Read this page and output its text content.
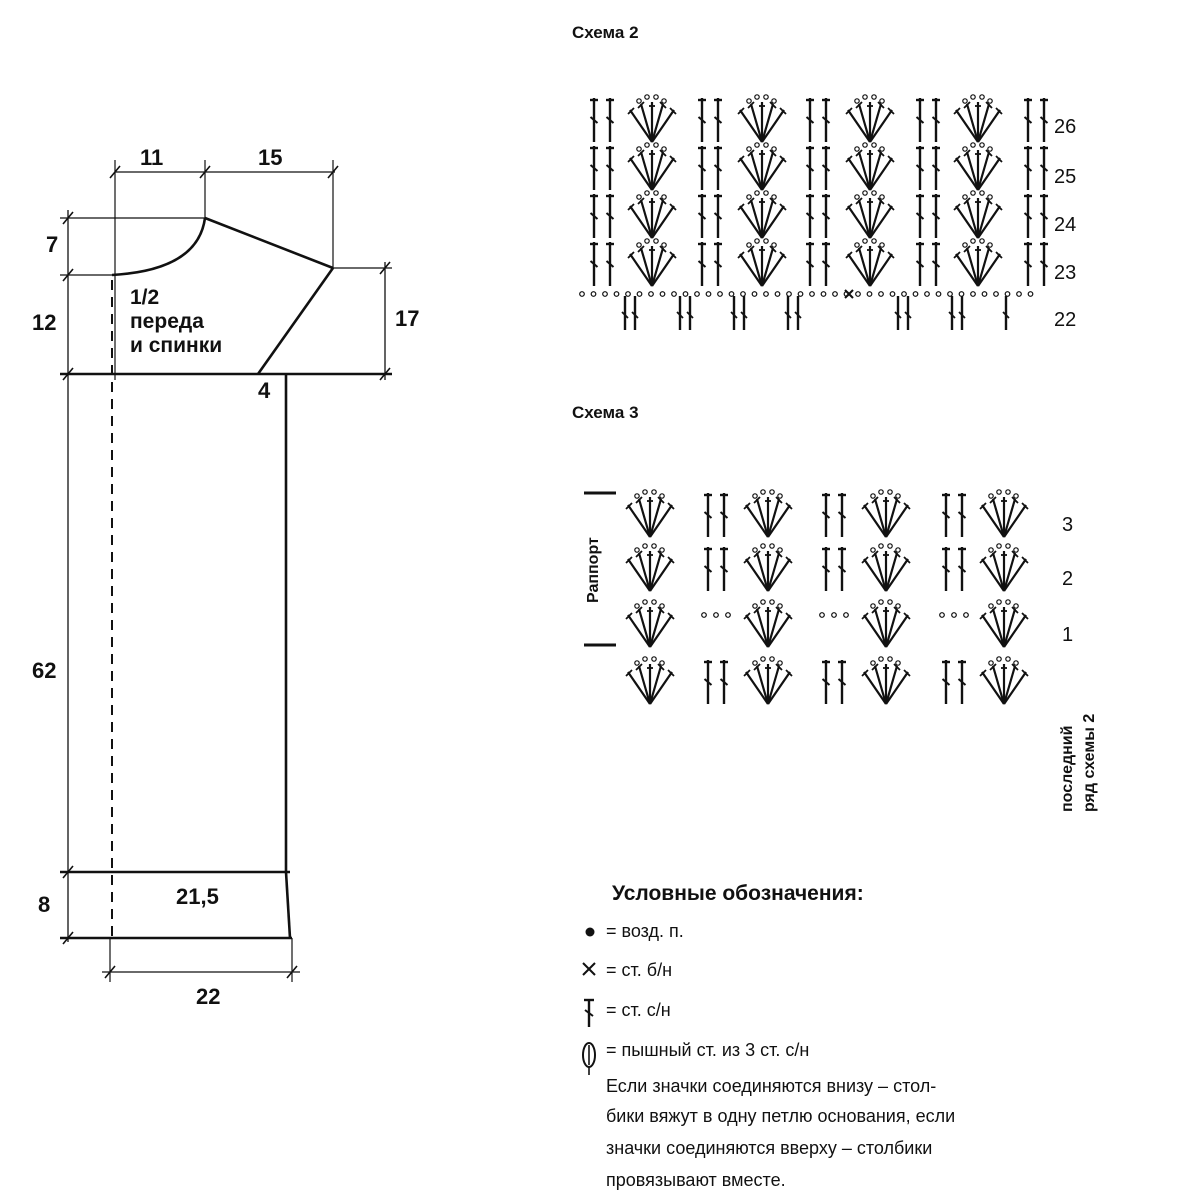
11	15
7
12	17
4
62
8	21,5
22
1/2
переда
и спинки
Схема 2
26
25
24
23
22
Схема 3
Раппорт
3
2
1
последний ряд схемы 2
Условные обозначения:
= возд. п.
= ст. б/н
= ст. с/н
= пышный ст. из 3 ст. с/н
Если значки соединяются внизу – стол-
бики вяжут в одну петлю основания, если
значки соединяются вверху – столбики
провязывают вместе.
